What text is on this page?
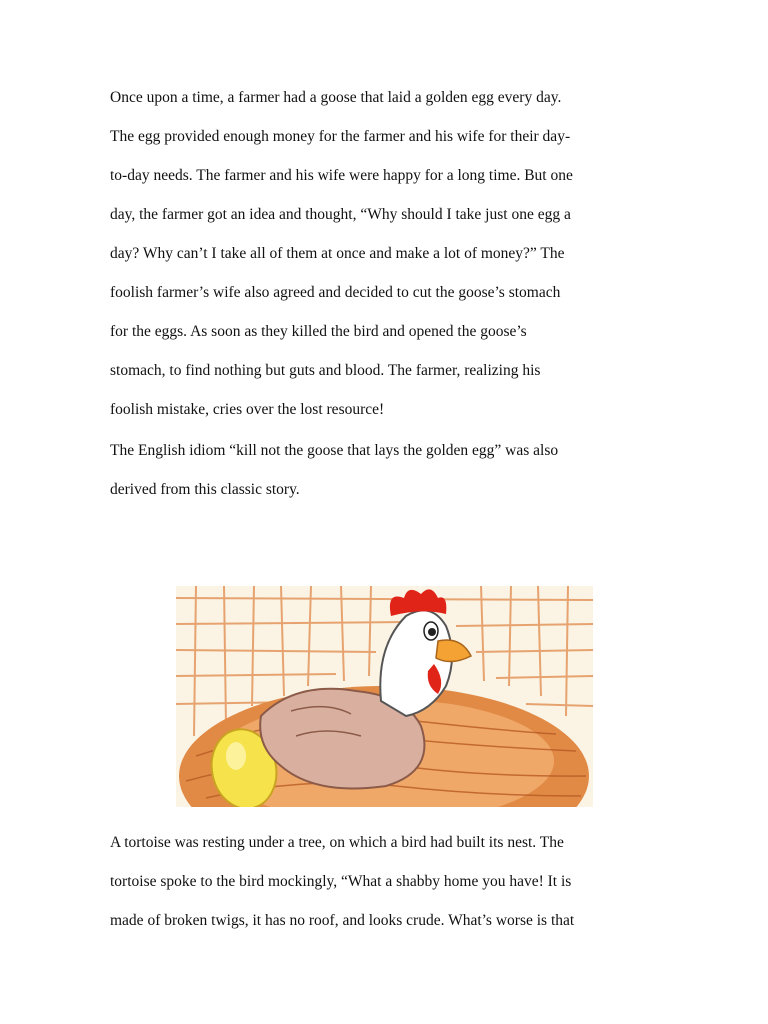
Once upon a time, a farmer had a goose that laid a golden egg every day.
The egg provided enough money for the farmer and his wife for their day-
to-day needs. The farmer and his wife were happy for a long time. But one
day, the farmer got an idea and thought, “Why should I take just one egg a
day? Why can’t I take all of them at once and make a lot of money?” The
foolish farmer’s wife also agreed and decided to cut the goose’s stomach
for the eggs. As soon as they killed the bird and opened the goose’s
stomach, to find nothing but guts and blood. The farmer, realizing his
foolish mistake, cries over the lost resource!

The English idiom “kill not the goose that lays the golden egg” was also
derived from this classic story.

A tortoise was resting under a tree, on which a bird had built its nest. The
tortoise spoke to the bird mockingly, “What a shabby home you have! It is
made of broken twigs, it has no roof, and looks crude. What’s worse is that
